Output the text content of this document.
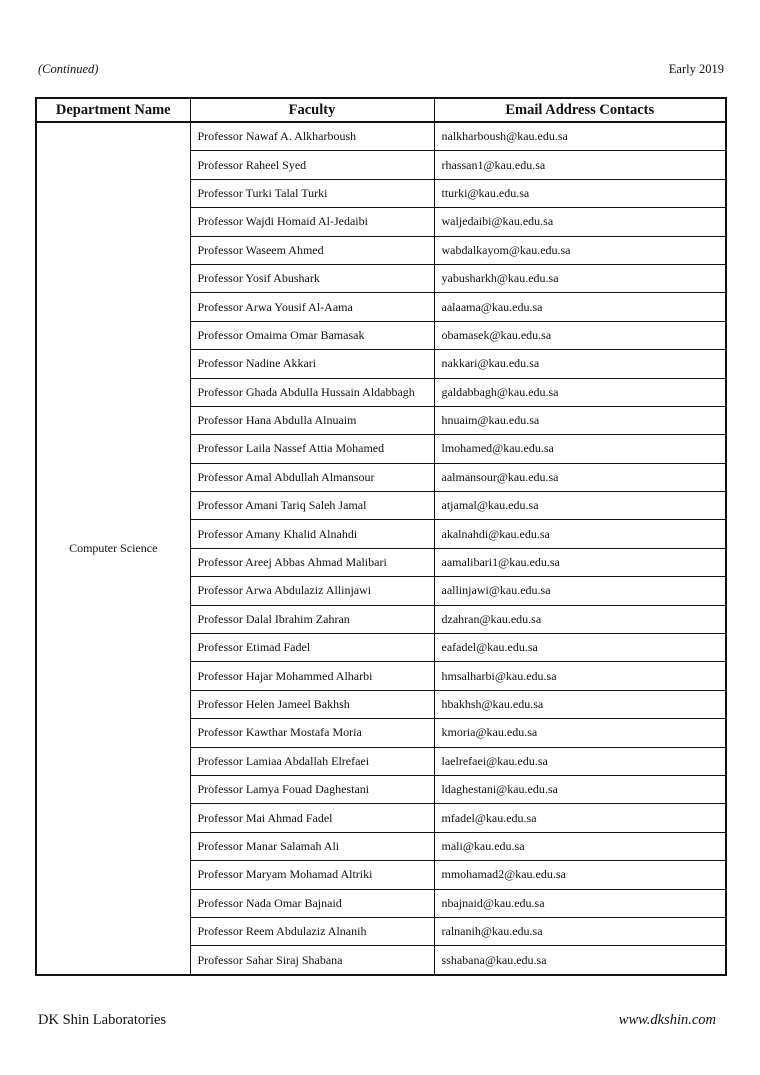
(Continued)	Early 2019
Department Name	Faculty	Email Address Contacts
Computer Science	Professor Nawaf A. Alkharboush	nalkharboush@kau.edu.sa
	Professor Raheel Syed	rhassan1@kau.edu.sa
	Professor Turki Talal Turki	tturki@kau.edu.sa
	Professor Wajdi Homaid Al-Jedaibi	waljedaibi@kau.edu.sa
	Professor Waseem Ahmed	wabdalkayom@kau.edu.sa
	Professor Yosif Abushark	yabusharkh@kau.edu.sa
	Professor Arwa Yousif Al-Aama	aalaama@kau.edu.sa
	Professor Omaima Omar Bamasak	obamasek@kau.edu.sa
	Professor Nadine Akkari	nakkari@kau.edu.sa
	Professor Ghada Abdulla Hussain Aldabbagh	galdabbagh@kau.edu.sa
	Professor Hana Abdulla Alnuaim	hnuaim@kau.edu.sa
	Professor Laila Nassef Attia Mohamed	lmohamed@kau.edu.sa
	Professor Amal Abdullah Almansour	aalmansour@kau.edu.sa
	Professor Amani Tariq Saleh Jamal	atjamal@kau.edu.sa
	Professor Amany Khalid Alnahdi	akalnahdi@kau.edu.sa
	Professor Areej Abbas Ahmad Malibari	aamalibari1@kau.edu.sa
	Professor Arwa Abdulaziz Allinjawi	aallinjawi@kau.edu.sa
	Professor Dalal Ibrahim Zahran	dzahran@kau.edu.sa
	Professor Etimad Fadel	eafadel@kau.edu.sa
	Professor Hajar Mohammed Alharbi	hmsalharbi@kau.edu.sa
	Professor Helen Jameel Bakhsh	hbakhsh@kau.edu.sa
	Professor Kawthar Mostafa Moria	kmoria@kau.edu.sa
	Professor Lamiaa Abdallah Elrefaei	laelrefaei@kau.edu.sa
	Professor Lamya Fouad Daghestani	ldaghestani@kau.edu.sa
	Professor Mai Ahmad Fadel	mfadel@kau.edu.sa
	Professor Manar Salamah Ali	mali@kau.edu.sa
	Professor Maryam Mohamad Altriki	mmohamad2@kau.edu.sa
	Professor Nada Omar Bajnaid	nbajnaid@kau.edu.sa
	Professor Reem Abdulaziz Alnanih	ralnanih@kau.edu.sa
	Professor Sahar Siraj Shabana	sshabana@kau.edu.sa
DK Shin Laboratories	www.dkshin.com
